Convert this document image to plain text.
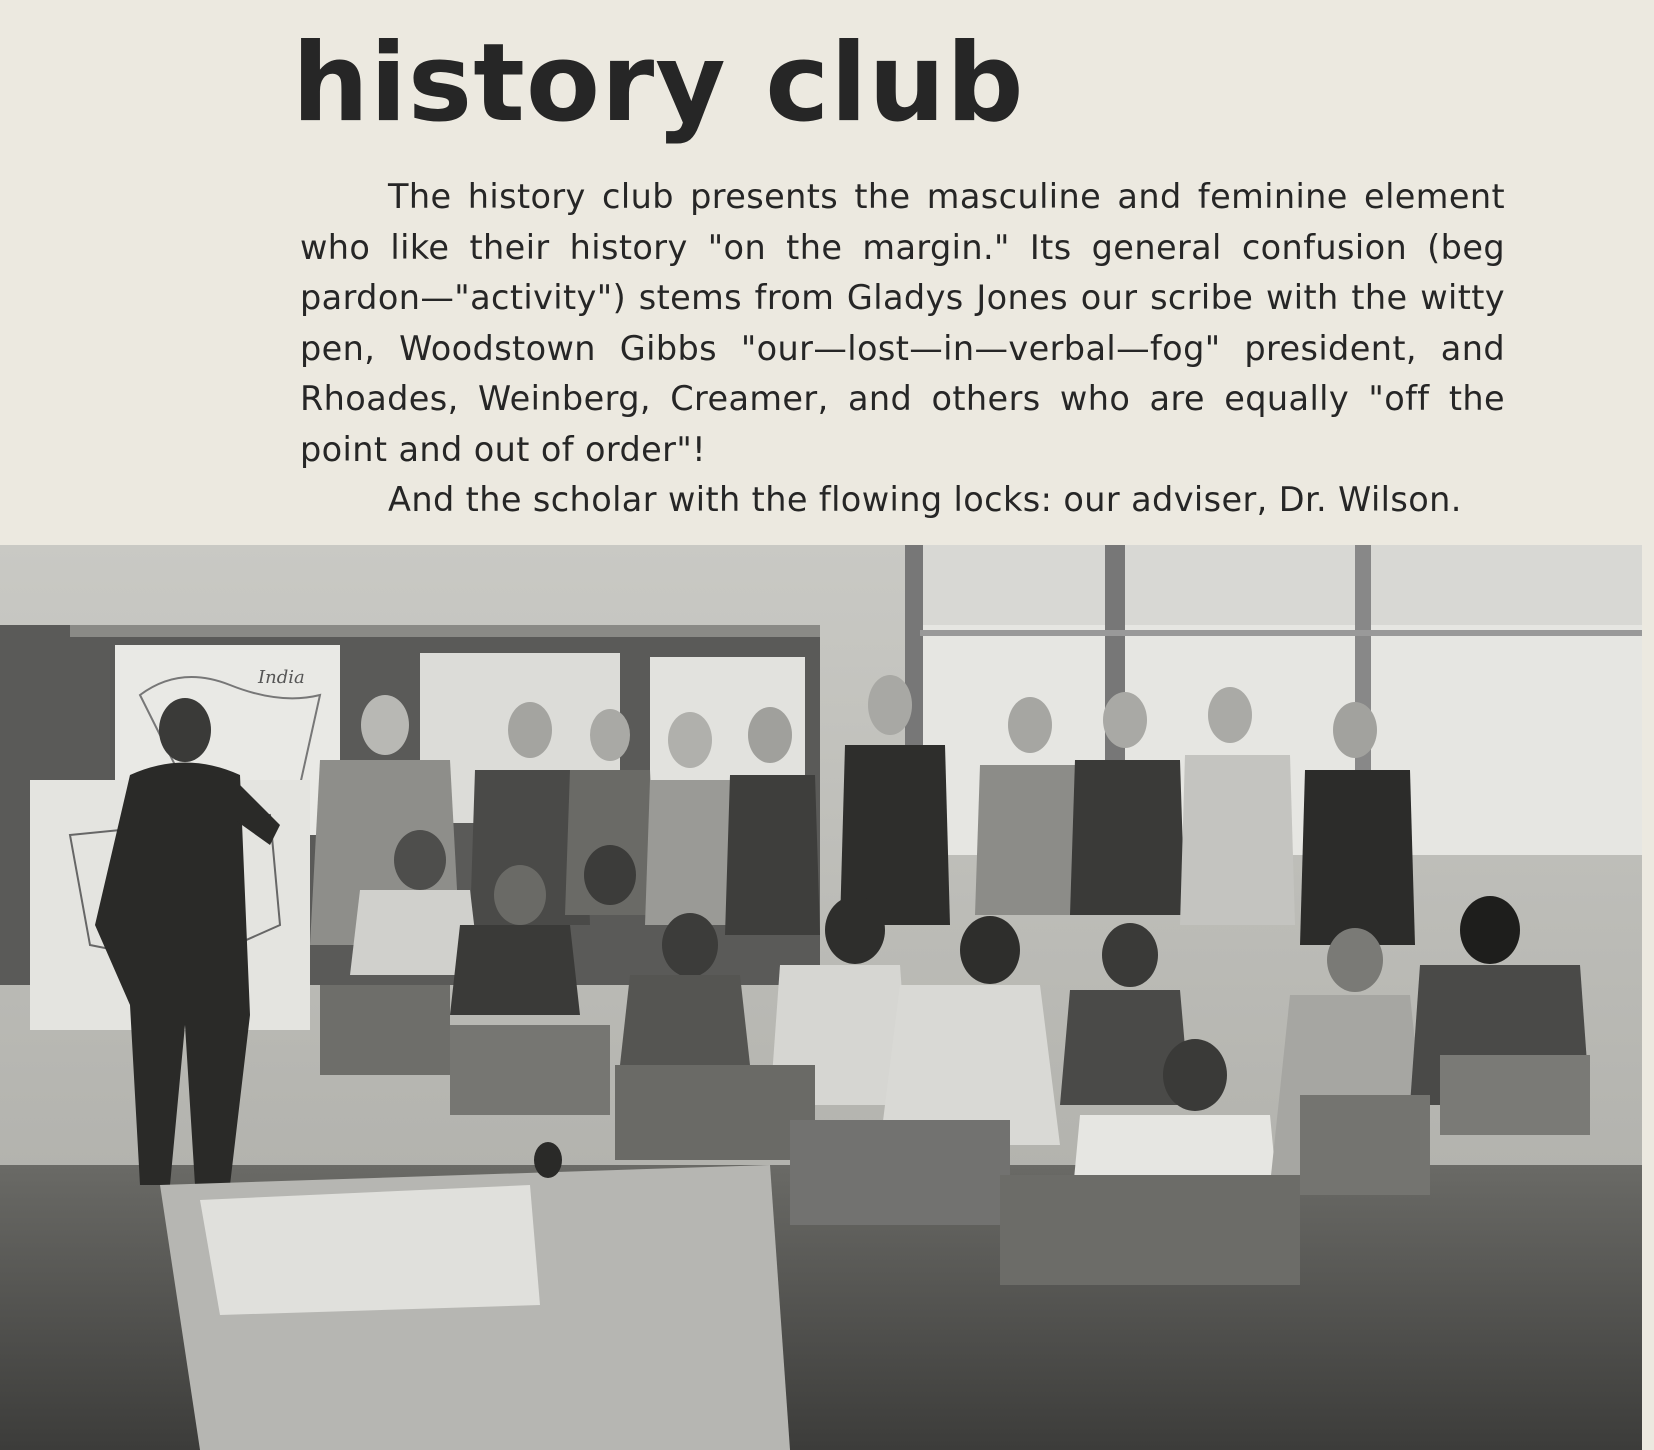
history club

The history club presents the masculine and feminine element who like their history "on the margin." Its general confusion (beg pardon—"activity") stems from Gladys Jones our scribe with the witty pen, Woodstown Gibbs "our—lost—in—verbal—fog" president, and Rhoades, Weinberg, Creamer, and others who are equally "off the point and out of order"!

And the scholar with the flowing locks: our adviser, Dr. Wilson.

India
